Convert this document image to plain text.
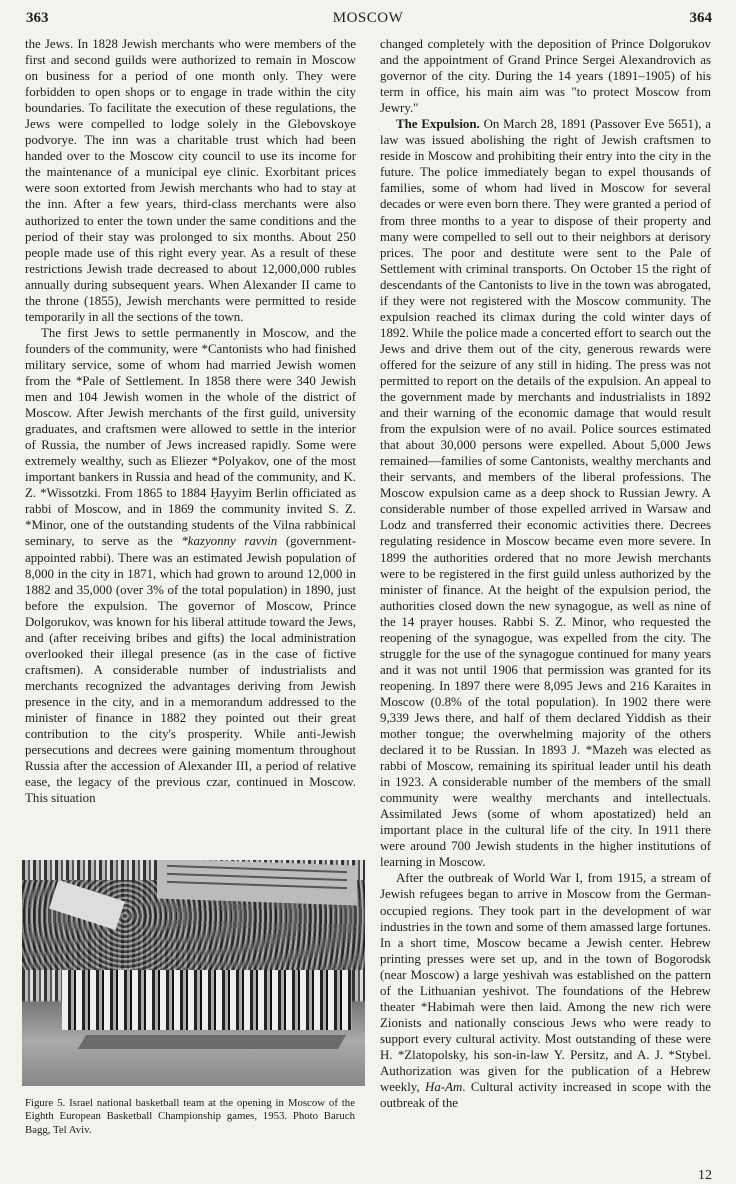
363	MOSCOW	364

the Jews. In 1828 Jewish merchants who were members of the first and second guilds were authorized to remain in Moscow on business for a period of one month only. They were forbidden to open shops or to engage in trade within the city boundaries. To facilitate the execution of these regulations, the Jews were compelled to lodge solely in the Glebovskoye podvorye. The inn was a charitable trust which had been handed over to the Moscow city council to use its income for the maintenance of a municipal eye clinic. Exorbitant prices were soon extorted from Jewish merchants who had to stay at the inn. After a few years, third-class merchants were also authorized to enter the town under the same conditions and the period of their stay was prolonged to six months. About 250 people made use of this right every year. As a result of these restrictions Jewish trade decreased to about 12,000,000 rubles annually during subsequent years. When Alexander II came to the throne (1855), Jewish merchants were permitted to reside temporarily in all the sections of the town.

The first Jews to settle permanently in Moscow, and the founders of the community, were *Cantonists who had finished military service, some of whom had married Jewish women from the *Pale of Settlement. In 1858 there were 340 Jewish men and 104 Jewish women in the whole of the district of Moscow. After Jewish merchants of the first guild, university graduates, and craftsmen were allowed to settle in the interior of Russia, the number of Jews increased rapidly. Some were extremely wealthy, such as Eliezer *Polyakov, one of the most important bankers in Russia and head of the community, and K. Z. *Wissotzki. From 1865 to 1884 Ḥayyim Berlin officiated as rabbi of Moscow, and in 1869 the community invited S. Z. *Minor, one of the outstanding students of the Vilna rabbinical seminary, to serve as the *kazyonny ravvin (government-appointed rabbi). There was an estimated Jewish population of 8,000 in the city in 1871, which had grown to around 12,000 in 1882 and 35,000 (over 3% of the total population) in 1890, just before the expulsion. The governor of Moscow, Prince Dolgorukov, was known for his liberal attitude toward the Jews, and (after receiving bribes and gifts) the local administration overlooked their illegal presence (as in the case of fictive craftsmen). A considerable number of industrialists and merchants recognized the advantages deriving from Jewish presence in the city, and in a memorandum addressed to the minister of finance in 1882 they pointed out their great contribution to the city's prosperity. While anti-Jewish persecutions and decrees were gaining momentum throughout Russia after the accession of Alexander III, a period of relative ease, the legacy of the previous czar, continued in Moscow. This situation

Figure 5. Israel national basketball team at the opening in Moscow of the Eighth European Basketball Championship games, 1953. Photo Baruch Bagg, Tel Aviv.

changed completely with the deposition of Prince Dolgorukov and the appointment of Grand Prince Sergei Alexandrovich as governor of the city. During the 14 years (1891–1905) of his term in office, his main aim was "to protect Moscow from Jewry."

The Expulsion. On March 28, 1891 (Passover Eve 5651), a law was issued abolishing the right of Jewish craftsmen to reside in Moscow and prohibiting their entry into the city in the future. The police immediately began to expel thousands of families, some of whom had lived in Moscow for several decades or were even born there. They were granted a period of from three months to a year to dispose of their property and many were compelled to sell out to their neighbors at derisory prices. The poor and destitute were sent to the Pale of Settlement with criminal transports. On October 15 the right of descendants of the Cantonists to live in the town was abrogated, if they were not registered with the Moscow community. The expulsion reached its climax during the cold winter days of 1892. While the police made a concerted effort to search out the Jews and drive them out of the city, generous rewards were offered for the seizure of any still in hiding. The press was not permitted to report on the details of the expulsion. An appeal to the government made by merchants and industrialists in 1892 and their warning of the economic damage that would result from the expulsion were of no avail. Police sources estimated that about 30,000 persons were expelled. About 5,000 Jews remained—families of some Cantonists, wealthy merchants and their servants, and members of the liberal professions. The Moscow expulsion came as a deep shock to Russian Jewry. A considerable number of those expelled arrived in Warsaw and Lodz and transferred their economic activities there. Decrees regulating residence in Moscow became even more severe. In 1899 the authorities ordered that no more Jewish merchants were to be registered in the first guild unless authorized by the minister of finance. At the height of the expulsion period, the authorities closed down the new synagogue, as well as nine of the 14 prayer houses. Rabbi S. Z. Minor, who requested the reopening of the synagogue, was expelled from the city. The struggle for the use of the synagogue continued for many years and it was not until 1906 that permission was granted for its reopening. In 1897 there were 8,095 Jews and 216 Karaites in Moscow (0.8% of the total population). In 1902 there were 9,339 Jews there, and half of them declared Yiddish as their mother tongue; the overwhelming majority of the others declared it to be Russian. In 1893 J. *Mazeh was elected as rabbi of Moscow, remaining its spiritual leader until his death in 1923. A considerable number of the members of the small community were wealthy merchants and intellectuals. Assimilated Jews (some of whom apostatized) held an important place in the cultural life of the city. In 1911 there were around 700 Jewish students in the higher institutions of learning in Moscow.

After the outbreak of World War I, from 1915, a stream of Jewish refugees began to arrive in Moscow from the German-occupied regions. They took part in the development of war industries in the town and some of them amassed large fortunes. In a short time, Moscow became a Jewish center. Hebrew printing presses were set up, and in the town of Bogorodsk (near Moscow) a large yeshivah was established on the pattern of the Lithuanian yeshivot. The foundations of the Hebrew theater *Habimah were then laid. Among the new rich were Zionists and nationally conscious Jews who were ready to support every cultural activity. Most outstanding of these were H. *Zlatopolsky, his son-in-law Y. Persitz, and A. J. *Stybel. Authorization was given for the publication of a Hebrew weekly, Ha-Am. Cultural activity increased in scope with the outbreak of the

12
